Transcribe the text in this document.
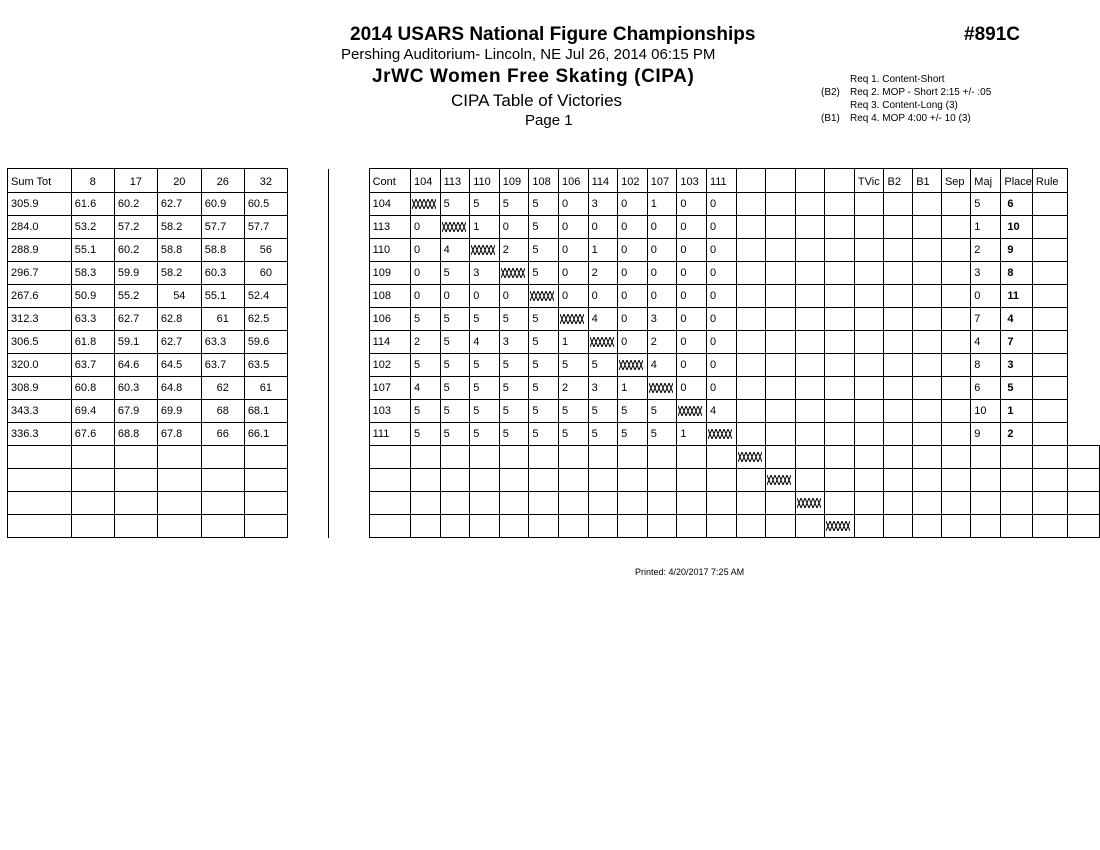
2014 USARS National Figure Championships	#891C
Pershing Auditorium- Lincoln, NE Jul 26, 2014 06:15 PM
JrWC Women Free Skating (CIPA)
CIPA Table of Victories
Page 1
Req 1. Content-Short
(B2) Req 2. MOP - Short 2:15 +/- :05
Req 3. Content-Long (3)
(B1) Req 4. MOP 4:00 +/- 10 (3)
Sum Tot	8	17	20	26	32			Cont	104	113	110	109	108	106	114	102	107	103	111					TVic	B2	B1	Sep	Maj	Place	Rule	
305.9	61.6	60.2	62.7	60.9	60.5			104		5	5	5	5	0	3	0	1	0	0									5	6		
284.0	53.2	57.2	58.2	57.7	57.7			113	0		1	0	5	0	0	0	0	0	0									1	10		
288.9	55.1	60.2	58.8	58.8	56			110	0	4		2	5	0	1	0	0	0	0									2	9		
296.7	58.3	59.9	58.2	60.3	60			109	0	5	3		5	0	2	0	0	0	0									3	8		
267.6	50.9	55.2	54	55.1	52.4			108	0	0	0	0		0	0	0	0	0	0									0	11		
312.3	63.3	62.7	62.8	61	62.5			106	5	5	5	5	5		4	0	3	0	0									7	4		
306.5	61.8	59.1	62.7	63.3	59.6			114	2	5	4	3	5	1		0	2	0	0									4	7		
320.0	63.7	64.6	64.5	63.7	63.5			102	5	5	5	5	5	5	5		4	0	0									8	3		
308.9	60.8	60.3	64.8	62	61			107	4	5	5	5	5	2	3	1		0	0									6	5		
343.3	69.4	67.9	69.9	68	68.1			103	5	5	5	5	5	5	5	5	5		4									10	1		
336.3	67.6	68.8	67.8	66	66.1			111	5	5	5	5	5	5	5	5	5	1										9	2		

Printed: 4/20/2017 7:25 AM
